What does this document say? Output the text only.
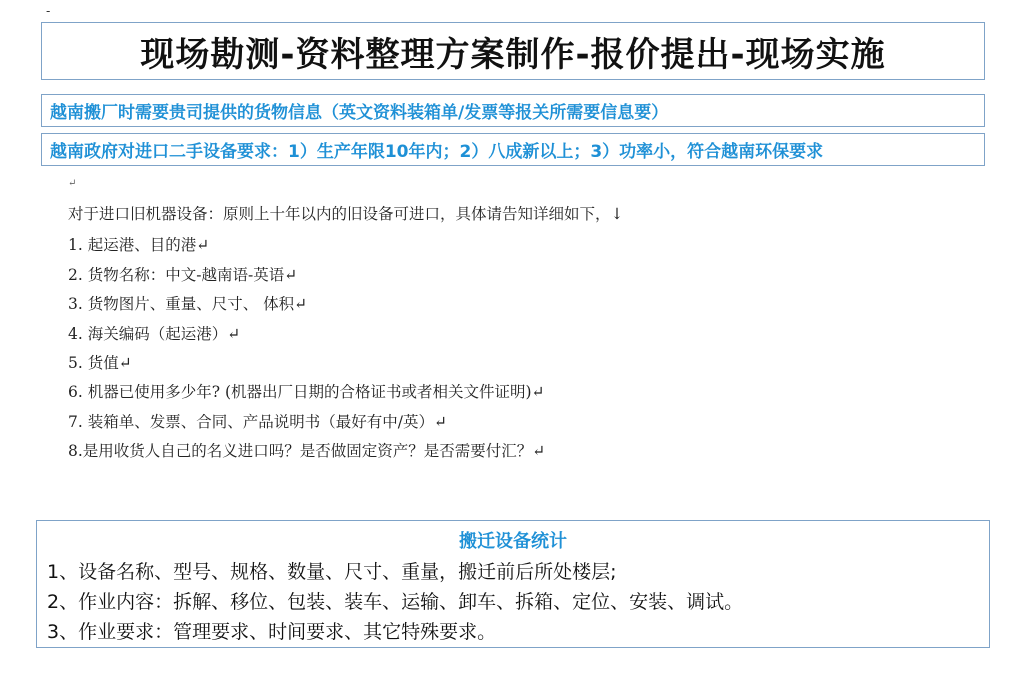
-
现场勘测-资料整理方案制作-报价提出-现场实施
越南搬厂时需要贵司提供的货物信息（英文资料装箱单/发票等报关所需要信息要）
越南政府对进口二手设备要求：1）生产年限10年内；2）八成新以上；3）功率小，符合越南环保要求
↵
对于进口旧机器设备：原则上十年以内的旧设备可进口，具体请告知详细如下，↓
1. 起运港、目的港↵
2. 货物名称：中文-越南语-英语↵
3. 货物图片、重量、尺寸、 体积↵
4. 海关编码（起运港）↵
5. 货值↵
6. 机器已使用多少年? (机器出厂日期的合格证书或者相关文件证明)↵
7. 装箱单、发票、合同、产品说明书（最好有中/英）↵
8.是用收货人自己的名义进口吗？是否做固定资产？是否需要付汇？↵
搬迁设备统计
1、设备名称、型号、规格、数量、尺寸、重量，搬迁前后所处楼层;
2、作业内容：拆解、移位、包装、装车、运输、卸车、拆箱、定位、安装、调试。
3、作业要求：管理要求、时间要求、其它特殊要求。
